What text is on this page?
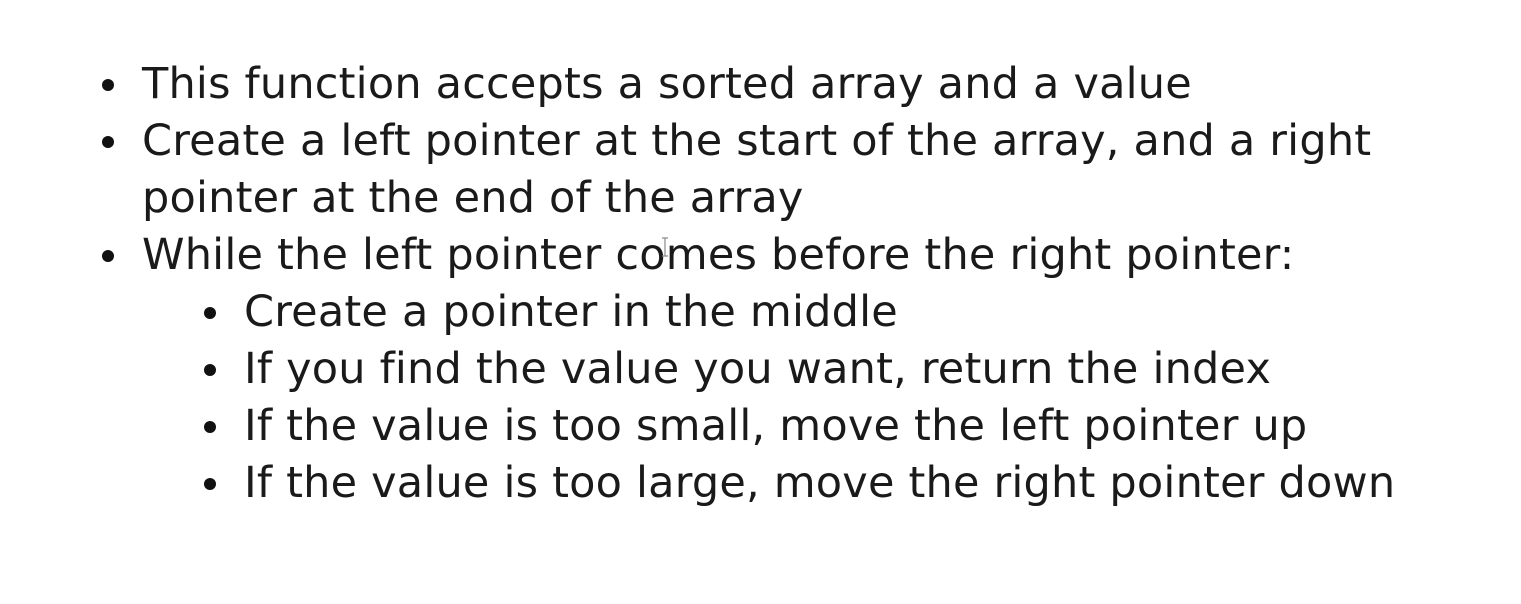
This function accepts a sorted array and a value
Create a left pointer at the start of the array, and a right pointer at the end of the array
While the left pointer comes before the right pointer:
Create a pointer in the middle
If you find the value you want, return the index
If the value is too small, move the left pointer up
If the value is too large, move the right pointer down
